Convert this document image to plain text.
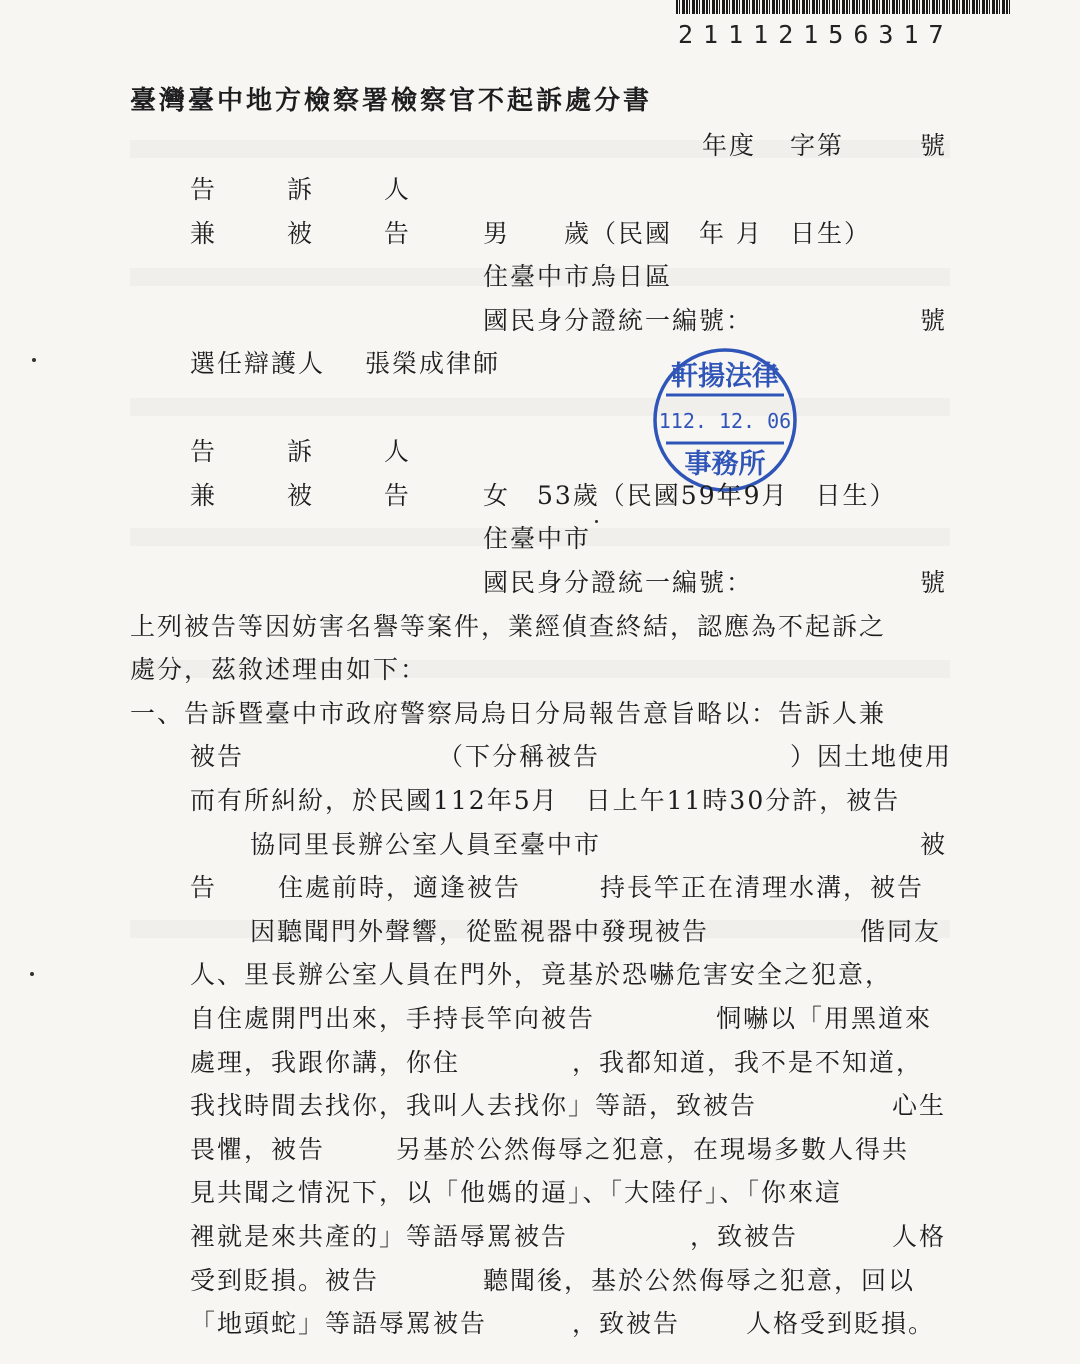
21112156317
臺灣臺中地方檢察署檢察官不起訴處分書
年度 字第	號
告 訴 人
兼 被 告 男　　歲（民國　年 月　日生）
住臺中市烏日區
國民身分證統一編號：	號
選任辯護人 張榮成律師	軒揚法律
112. 12. 06
事務所
告 訴 人
兼 被 告 女　53歲（民國59年9月　日生）
住臺中市
國民身分證統一編號：	號
上列被告等因妨害名譽等案件，業經偵查終結，認應為不起訴之
處分，茲敘述理由如下：
一、告訴暨臺中市政府警察局烏日分局報告意旨略以：告訴人兼
被告	（下分稱被告	）因土地使用
而有所糾紛，於民國112年5月　日上午11時30分許，被告
協同里長辦公室人員至臺中市	被
告 住處前時，適逢被告	持長竿正在清理水溝，被告
因聽聞門外聲響，從監視器中發現被告	偕同友
人、里長辦公室人員在門外，竟基於恐嚇危害安全之犯意，
自住處開門出來，手持長竿向被告	恫嚇以「用黑道來
處理，我跟你講，你住	，我都知道，我不是不知道，
我找時間去找你，我叫人去找你」等語，致被告	心生
畏懼，被告	另基於公然侮辱之犯意，在現場多數人得共
見共聞之情況下，以「他媽的逼」、「大陸仔」、「你來這
裡就是來共產的」等語辱罵被告	，致被告	人格
受到貶損。被告	聽聞後，基於公然侮辱之犯意，回以
「地頭蛇」等語辱罵被告	，致被告	人格受到貶損。
